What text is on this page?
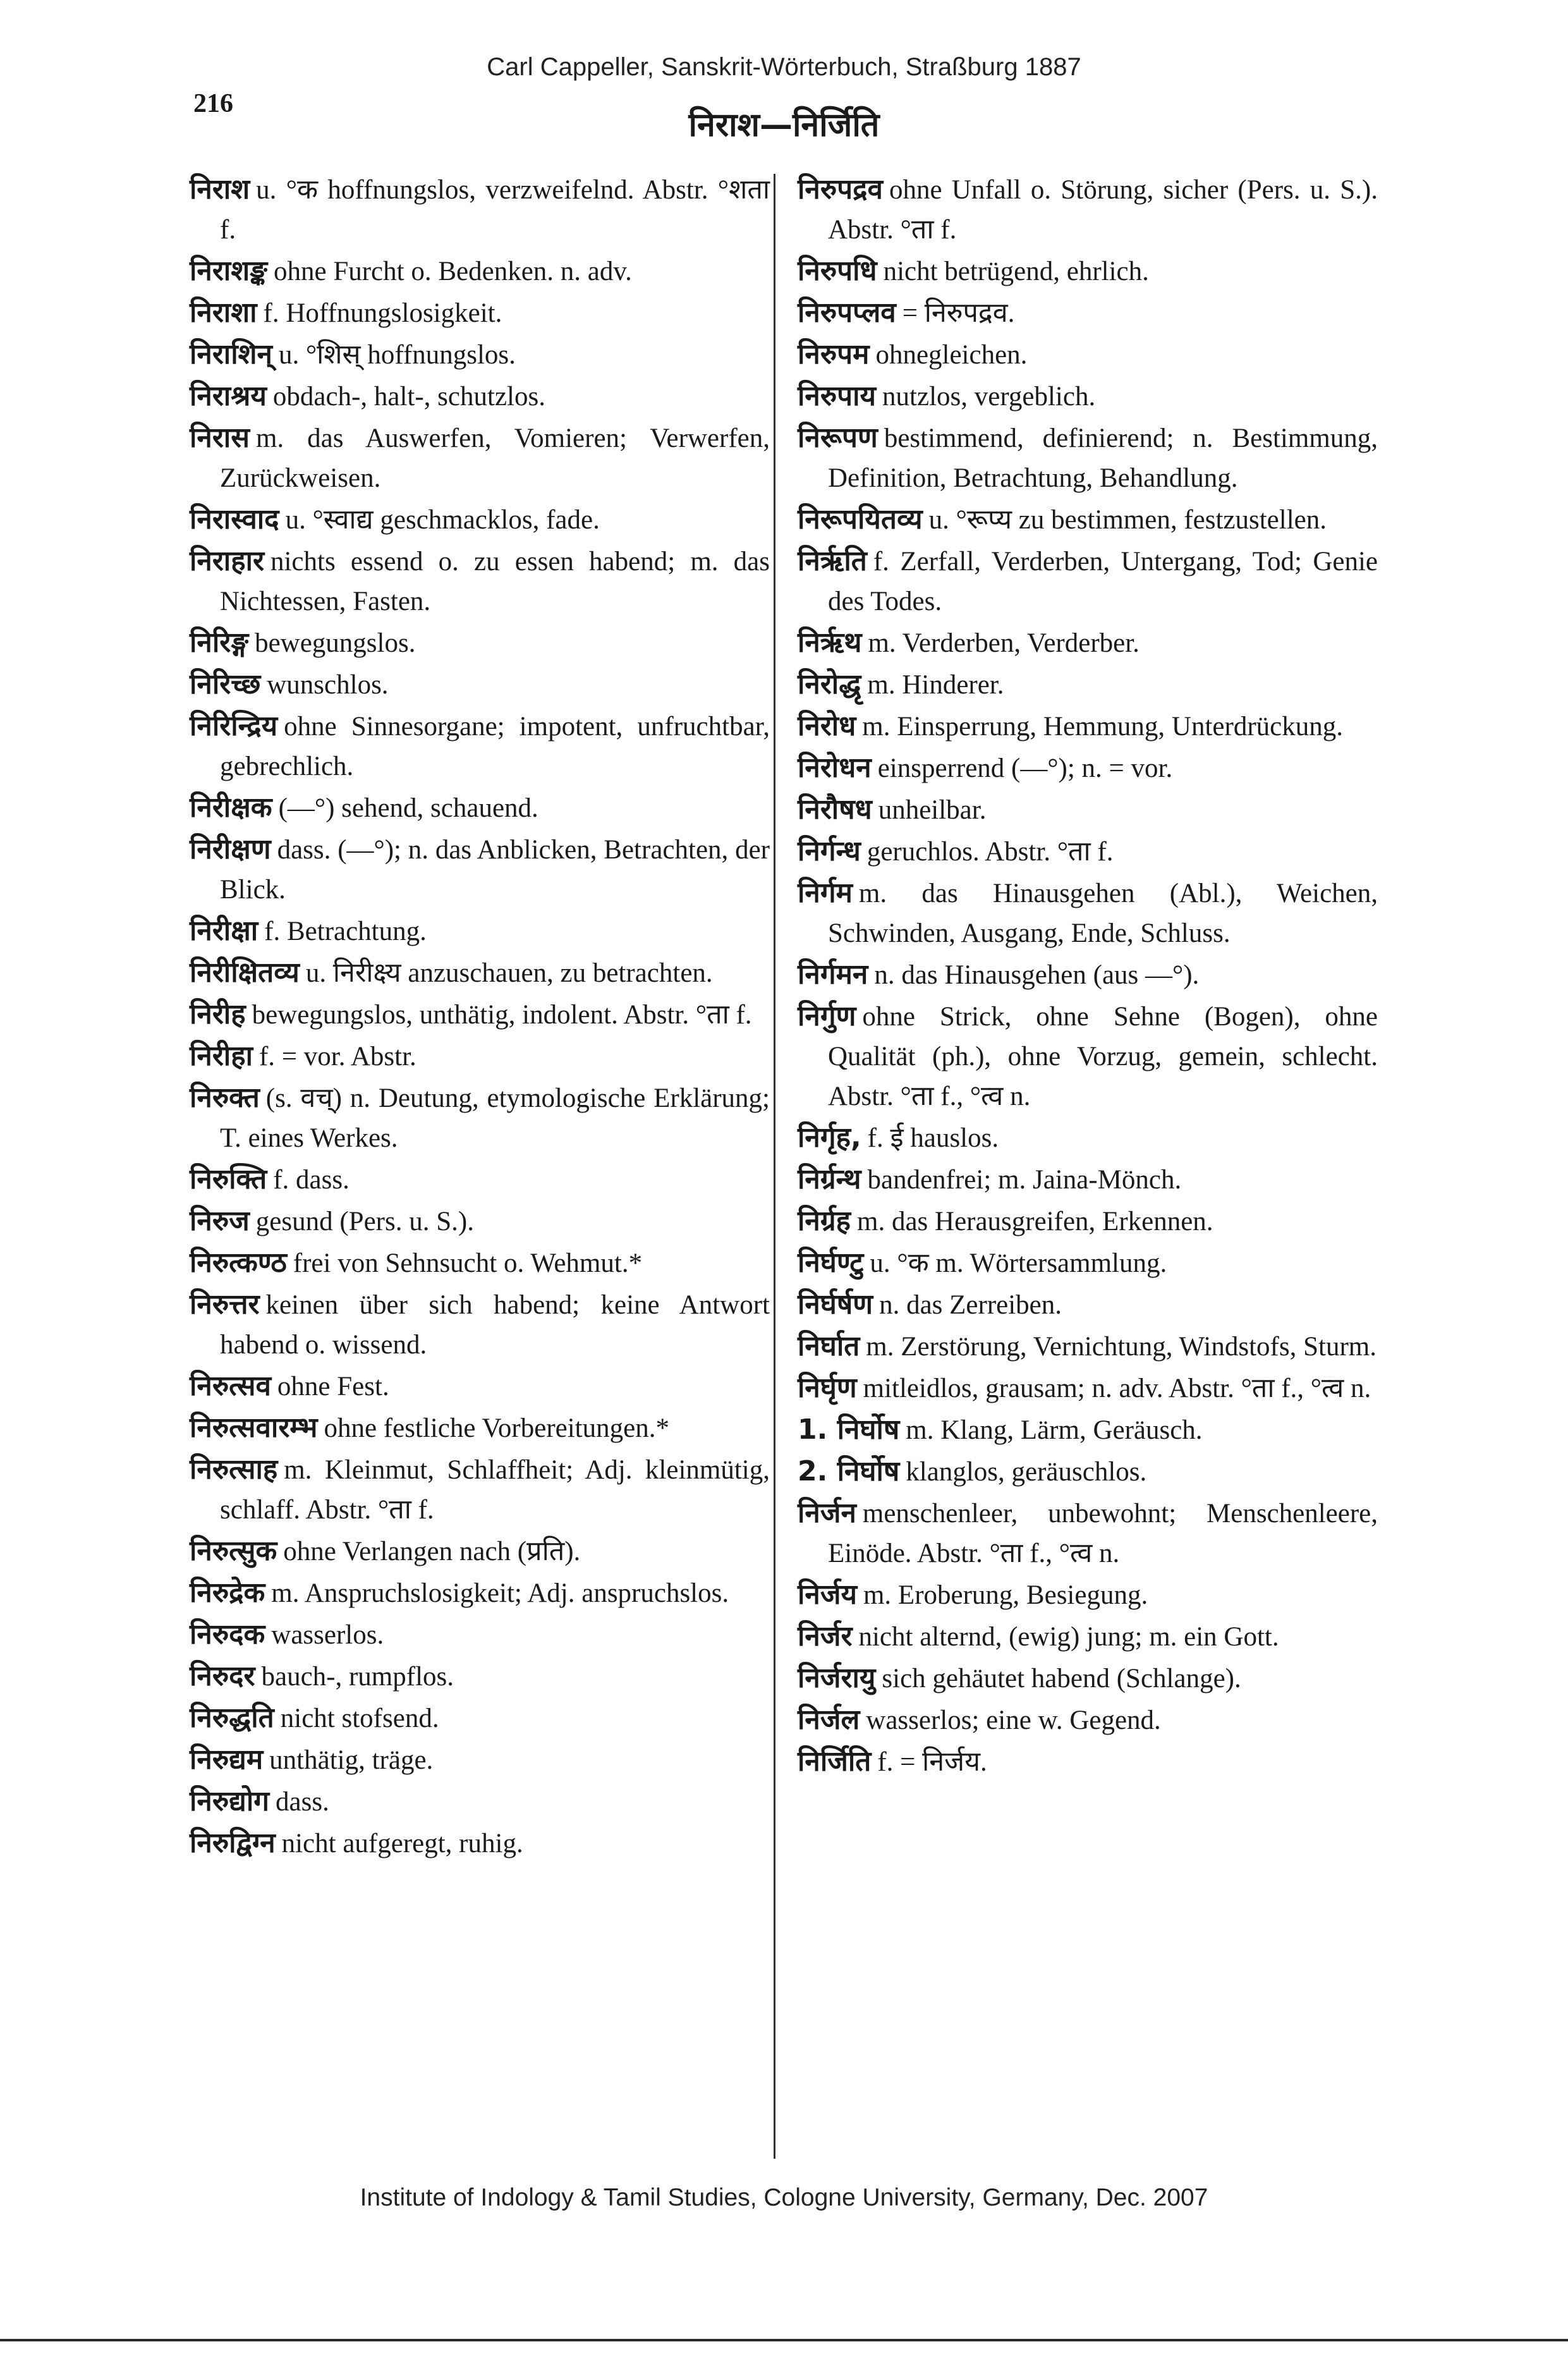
Carl Cappeller, Sanskrit-Wörterbuch, Straßburg 1887
216
निराश—निर्जिति

निराश u. °क hoffnungslos, verzweifelnd. Abstr. °शता f.

निराशङ्क ohne Furcht o. Bedenken. n. adv.

निराशा f. Hoffnungslosigkeit.

निराशिन् u. °शिस् hoffnungslos.

निराश्रय obdach-, halt-, schutzlos.

निरास m. das Auswerfen, Vomieren; Verwerfen, Zurückweisen.

निरास्वाद u. °स्वाद्य geschmacklos, fade.

निराहार nichts essend o. zu essen habend; m. das Nichtessen, Fasten.

निरिङ्ग bewegungslos.

निरिच्छ wunschlos.

निरिन्द्रिय ohne Sinnesorgane; impotent, unfruchtbar, gebrechlich.

निरीक्षक (—°) sehend, schauend.

निरीक्षण dass. (—°); n. das Anblicken, Betrachten, der Blick.

निरीक्षा f. Betrachtung.

निरीक्षितव्य u. निरीक्ष्य anzuschauen, zu betrachten.

निरीह bewegungslos, unthätig, indolent. Abstr. °ता f.

निरीहा f. = vor. Abstr.

निरुक्त (s. वच्) n. Deutung, etymologische Erklärung; T. eines Werkes.

निरुक्ति f. dass.

निरुज gesund (Pers. u. S.).

निरुत्कण्ठ frei von Sehnsucht o. Wehmut.*

निरुत्तर keinen über sich habend; keine Antwort habend o. wissend.

निरुत्सव ohne Fest.

निरुत्सवारम्भ ohne festliche Vorbereitungen.*

निरुत्साह m. Kleinmut, Schlaffheit; Adj. kleinmütig, schlaff. Abstr. °ता f.

निरुत्सुक ohne Verlangen nach (प्रति).

निरुद्रेक m. Anspruchslosigkeit; Adj. anspruchslos.

निरुदक wasserlos.

निरुदर bauch-, rumpflos.

निरुद्धति nicht stofsend.

निरुद्यम unthätig, träge.

निरुद्योग dass.

निरुद्विग्न nicht aufgeregt, ruhig.

निरुपद्रव ohne Unfall o. Störung, sicher (Pers. u. S.). Abstr. °ता f.

निरुपधि nicht betrügend, ehrlich.

निरुपप्लव = निरुपद्रव.

निरुपम ohnegleichen.

निरुपाय nutzlos, vergeblich.

निरूपण bestimmend, definierend; n. Bestimmung, Definition, Betrachtung, Behandlung.

निरूपयितव्य u. °रूप्य zu bestimmen, festzustellen.

निर्ऋति f. Zerfall, Verderben, Untergang, Tod; Genie des Todes.

निर्ऋथ m. Verderben, Verderber.

निरोद्धृ m. Hinderer.

निरोध m. Einsperrung, Hemmung, Unterdrückung.

निरोधन einsperrend (—°); n. = vor.

निरौषध unheilbar.

निर्गन्ध geruchlos. Abstr. °ता f.

निर्गम m. das Hinausgehen (Abl.), Weichen, Schwinden, Ausgang, Ende, Schluss.

निर्गमन n. das Hinausgehen (aus —°).

निर्गुण ohne Strick, ohne Sehne (Bogen), ohne Qualität (ph.), ohne Vorzug, gemein, schlecht. Abstr. °ता f., °त्व n.

निर्गृह, f. ई hauslos.

निर्ग्रन्थ bandenfrei; m. Jaina-Mönch.

निर्ग्रह m. das Herausgreifen, Erkennen.

निर्घण्टु u. °क m. Wörtersammlung.

निर्घर्षण n. das Zerreiben.

निर्घात m. Zerstörung, Vernichtung, Windstofs, Sturm.

निर्घृण mitleidlos, grausam; n. adv. Abstr. °ता f., °त्व n.

1. निर्घोष m. Klang, Lärm, Geräusch.

2. निर्घोष klanglos, geräuschlos.

निर्जन menschenleer, unbewohnt; Menschenleere, Einöde. Abstr. °ता f., °त्व n.

निर्जय m. Eroberung, Besiegung.

निर्जर nicht alternd, (ewig) jung; m. ein Gott.

निर्जरायु sich gehäutet habend (Schlange).

निर्जल wasserlos; eine w. Gegend.

निर्जिति f. = निर्जय.

Institute of Indology & Tamil Studies, Cologne University, Germany, Dec. 2007
